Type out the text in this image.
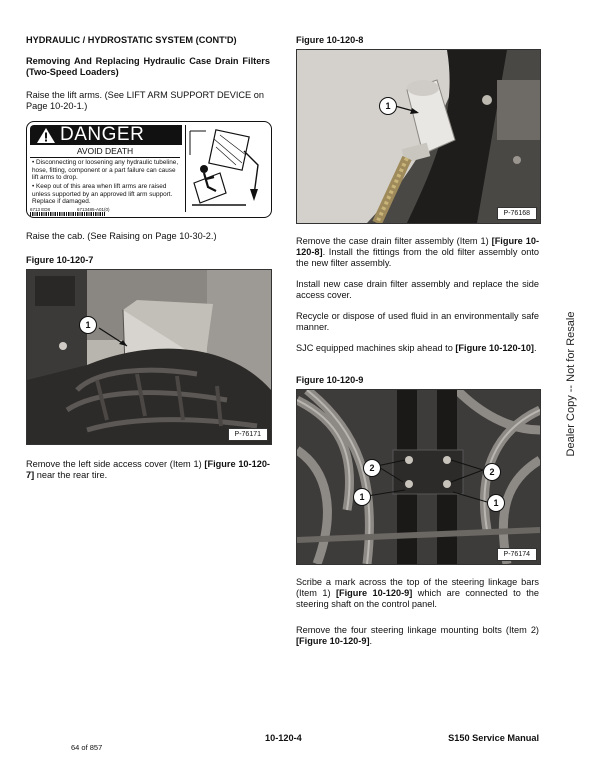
HYDRAULIC / HYDROSTATIC SYSTEM (CONT'D)
Removing And Replacing Hydraulic Case Drain Filters (Two-Speed Loaders)
Raise the lift arms. (See LIFT ARM SUPPORT DEVICE on Page 10-20-1.)
DANGER
AVOID DEATH
• Disconnecting or loosening any hydraulic tubeline, hose, fitting, component or a part failure can cause lift arms to drop.
• Keep out of this area when lift arms are raised unless supported by an approved lift arm support. Replace if damaged.
6713 ED8	6713485-A01(0)
Raise the cab. (See Raising on Page 10-30-2.)
Figure 10-120-7
1
P-76171
Remove the left side access cover (Item 1) [Figure 10-120-7] near the rear tire.
Figure 10-120-8
1
P-76168
Remove the case drain filter assembly (Item 1) [Figure 10-120-8]. Install the fittings from the old filter assembly onto the new filter assembly.
Install new case drain filter assembly and replace the side access cover.
Recycle or dispose of used fluid in an environmentally safe manner.
SJC equipped machines skip ahead to [Figure 10-120-10].
Figure 10-120-9
2	2
1
1
P-76174
Scribe a mark across the top of the steering linkage bars (Item 1) [Figure 10-120-9] which are connected to the steering shaft on the control panel.
Remove the four steering linkage mounting bolts (Item 2) [Figure 10-120-9].
Dealer Copy -- Not for Resale
10-120-4	S150 Service Manual
64 of 857
